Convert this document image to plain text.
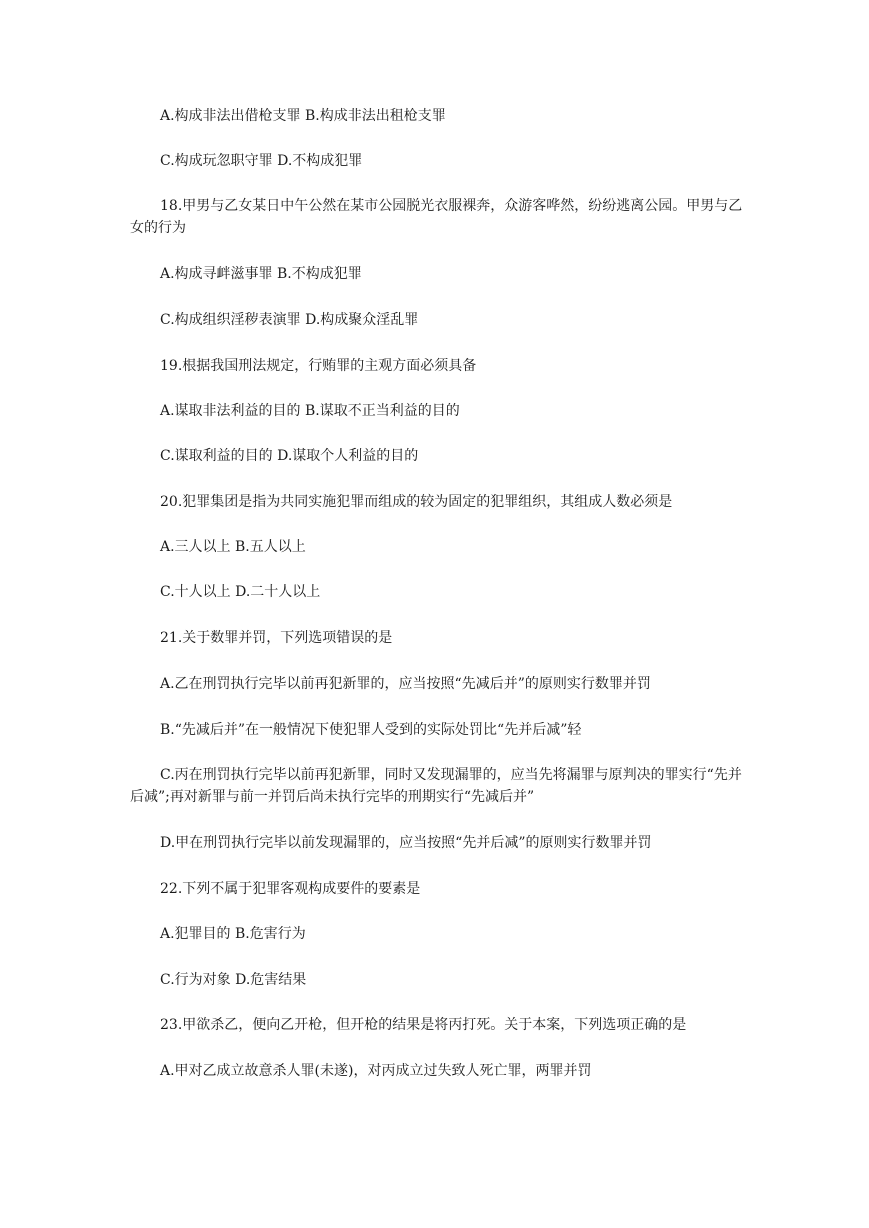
A.构成非法出借枪支罪 B.构成非法出租枪支罪

C.构成玩忽职守罪 D.不构成犯罪

18.甲男与乙女某日中午公然在某市公园脱光衣服裸奔，众游客哗然，纷纷逃离公园。甲男与乙女的行为

A.构成寻衅滋事罪 B.不构成犯罪

C.构成组织淫秽表演罪 D.构成聚众淫乱罪

19.根据我国刑法规定，行贿罪的主观方面必须具备

A.谋取非法利益的目的 B.谋取不正当利益的目的

C.谋取利益的目的 D.谋取个人利益的目的

20.犯罪集团是指为共同实施犯罪而组成的较为固定的犯罪组织，其组成人数必须是

A.三人以上 B.五人以上

C.十人以上 D.二十人以上

21.关于数罪并罚，下列选项错误的是

A.乙在刑罚执行完毕以前再犯新罪的，应当按照“先减后并”的原则实行数罪并罚

B.“先减后并”在一般情况下使犯罪人受到的实际处罚比“先并后减”轻

C.丙在刑罚执行完毕以前再犯新罪，同时又发现漏罪的，应当先将漏罪与原判决的罪实行“先并后减”;再对新罪与前一并罚后尚未执行完毕的刑期实行“先减后并”

D.甲在刑罚执行完毕以前发现漏罪的，应当按照“先并后减”的原则实行数罪并罚

22.下列不属于犯罪客观构成要件的要素是

A.犯罪目的 B.危害行为

C.行为对象 D.危害结果

23.甲欲杀乙，便向乙开枪，但开枪的结果是将丙打死。关于本案，下列选项正确的是

A.甲对乙成立故意杀人罪(未遂)，对丙成立过失致人死亡罪，两罪并罚
